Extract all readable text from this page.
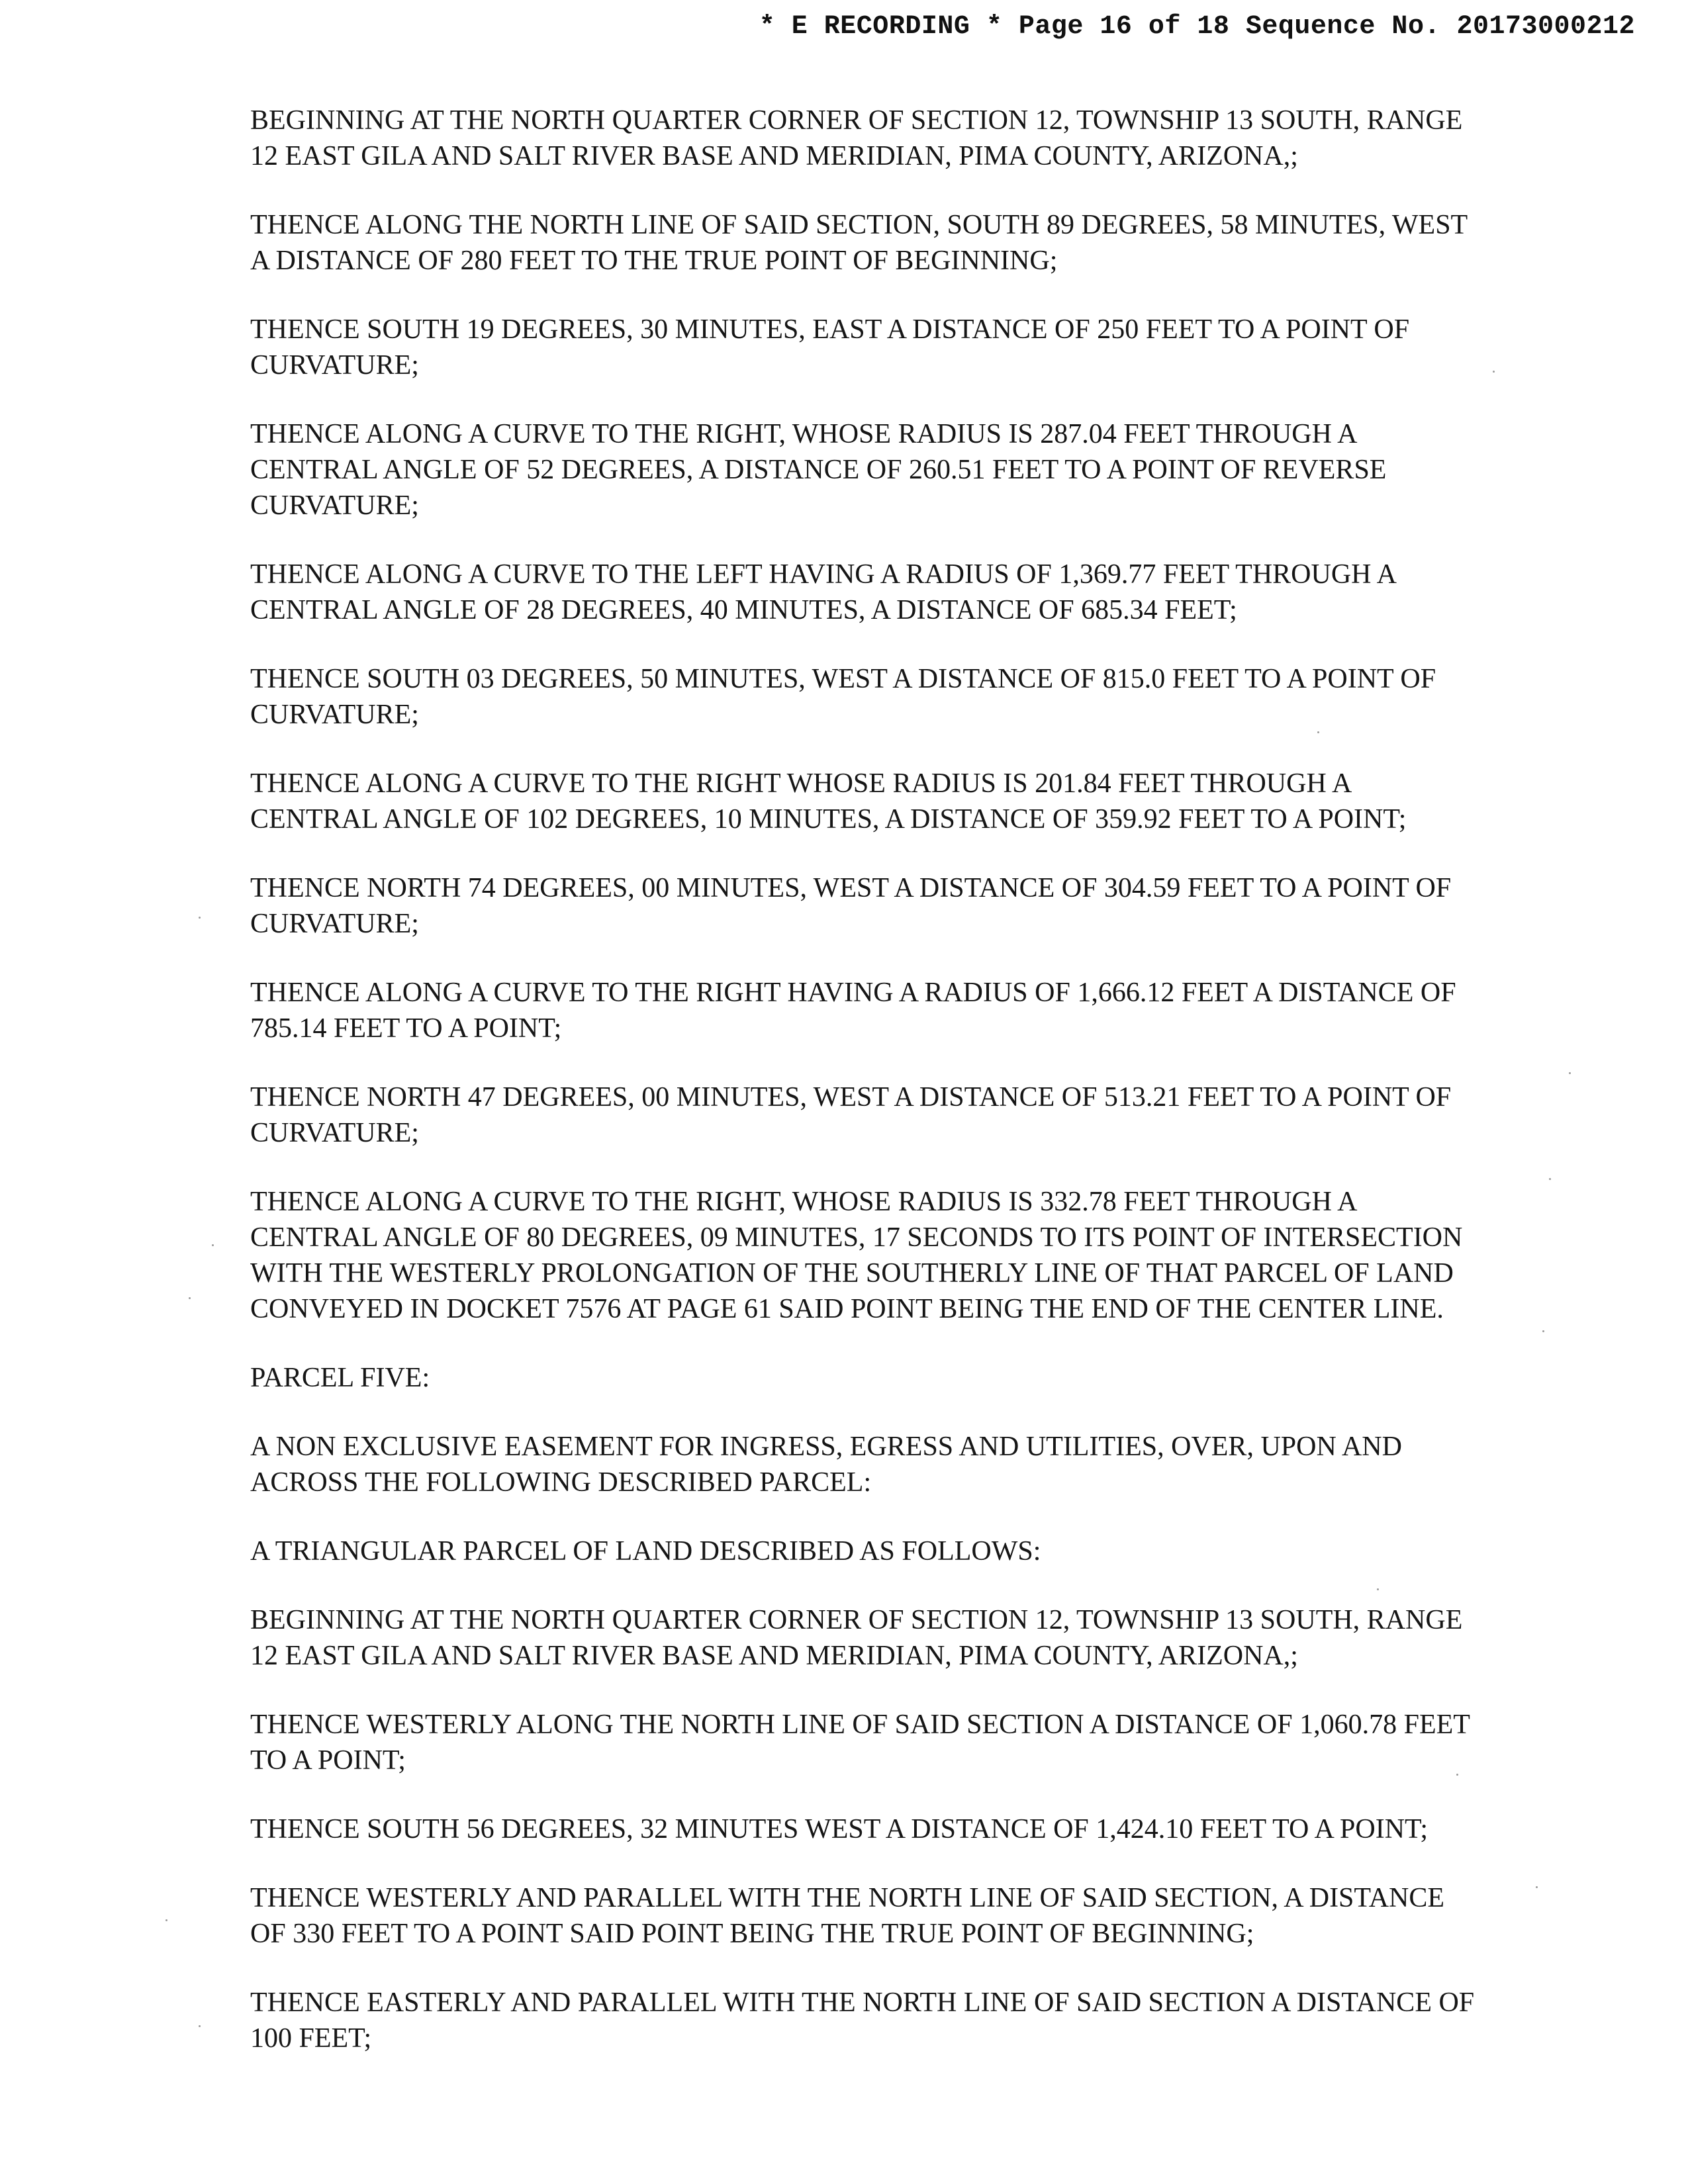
* E RECORDING * Page 16 of 18 Sequence No. 20173000212

BEGINNING AT THE NORTH QUARTER CORNER OF SECTION 12, TOWNSHIP 13 SOUTH, RANGE 12 EAST GILA AND SALT RIVER BASE AND MERIDIAN, PIMA COUNTY, ARIZONA,;

THENCE ALONG THE NORTH LINE OF SAID SECTION, SOUTH 89 DEGREES, 58 MINUTES, WEST A DISTANCE OF 280 FEET TO THE TRUE POINT OF BEGINNING;

THENCE SOUTH 19 DEGREES, 30 MINUTES, EAST A DISTANCE OF 250 FEET TO A POINT OF CURVATURE;

THENCE ALONG A CURVE TO THE RIGHT, WHOSE RADIUS IS 287.04 FEET THROUGH A CENTRAL ANGLE OF 52 DEGREES, A DISTANCE OF 260.51 FEET TO A POINT OF REVERSE CURVATURE;

THENCE ALONG A CURVE TO THE LEFT HAVING A RADIUS OF 1,369.77 FEET THROUGH A CENTRAL ANGLE OF 28 DEGREES, 40 MINUTES, A DISTANCE OF 685.34 FEET;

THENCE SOUTH 03 DEGREES, 50 MINUTES, WEST A DISTANCE OF 815.0 FEET TO A POINT OF CURVATURE;

THENCE ALONG A CURVE TO THE RIGHT WHOSE RADIUS IS 201.84 FEET THROUGH A CENTRAL ANGLE OF 102 DEGREES, 10 MINUTES, A DISTANCE OF 359.92 FEET TO A POINT;

THENCE NORTH 74 DEGREES, 00 MINUTES, WEST A DISTANCE OF 304.59 FEET TO A POINT OF CURVATURE;

THENCE ALONG A CURVE TO THE RIGHT HAVING A RADIUS OF 1,666.12 FEET A DISTANCE OF 785.14 FEET TO A POINT;

THENCE NORTH 47 DEGREES, 00 MINUTES, WEST A DISTANCE OF 513.21 FEET TO A POINT OF CURVATURE;

THENCE ALONG A CURVE TO THE RIGHT, WHOSE RADIUS IS 332.78 FEET THROUGH A CENTRAL ANGLE OF 80 DEGREES, 09 MINUTES, 17 SECONDS TO ITS POINT OF INTERSECTION WITH THE WESTERLY PROLONGATION OF THE SOUTHERLY LINE OF THAT PARCEL OF LAND CONVEYED IN DOCKET 7576 AT PAGE 61 SAID POINT BEING THE END OF THE CENTER LINE.

PARCEL FIVE:

A NON EXCLUSIVE EASEMENT FOR INGRESS, EGRESS AND UTILITIES, OVER, UPON AND ACROSS THE FOLLOWING DESCRIBED PARCEL:

A TRIANGULAR PARCEL OF LAND DESCRIBED AS FOLLOWS:

BEGINNING AT THE NORTH QUARTER CORNER OF SECTION 12, TOWNSHIP 13 SOUTH, RANGE 12 EAST GILA AND SALT RIVER BASE AND MERIDIAN, PIMA COUNTY, ARIZONA,;

THENCE WESTERLY ALONG THE NORTH LINE OF SAID SECTION A DISTANCE OF 1,060.78 FEET TO A POINT;

THENCE SOUTH 56 DEGREES, 32 MINUTES WEST A DISTANCE OF 1,424.10 FEET TO A POINT;

THENCE WESTERLY AND PARALLEL WITH THE NORTH LINE OF SAID SECTION, A DISTANCE OF 330 FEET TO A POINT SAID POINT BEING THE TRUE POINT OF BEGINNING;

THENCE EASTERLY AND PARALLEL WITH THE NORTH LINE OF SAID SECTION A DISTANCE OF 100 FEET;
